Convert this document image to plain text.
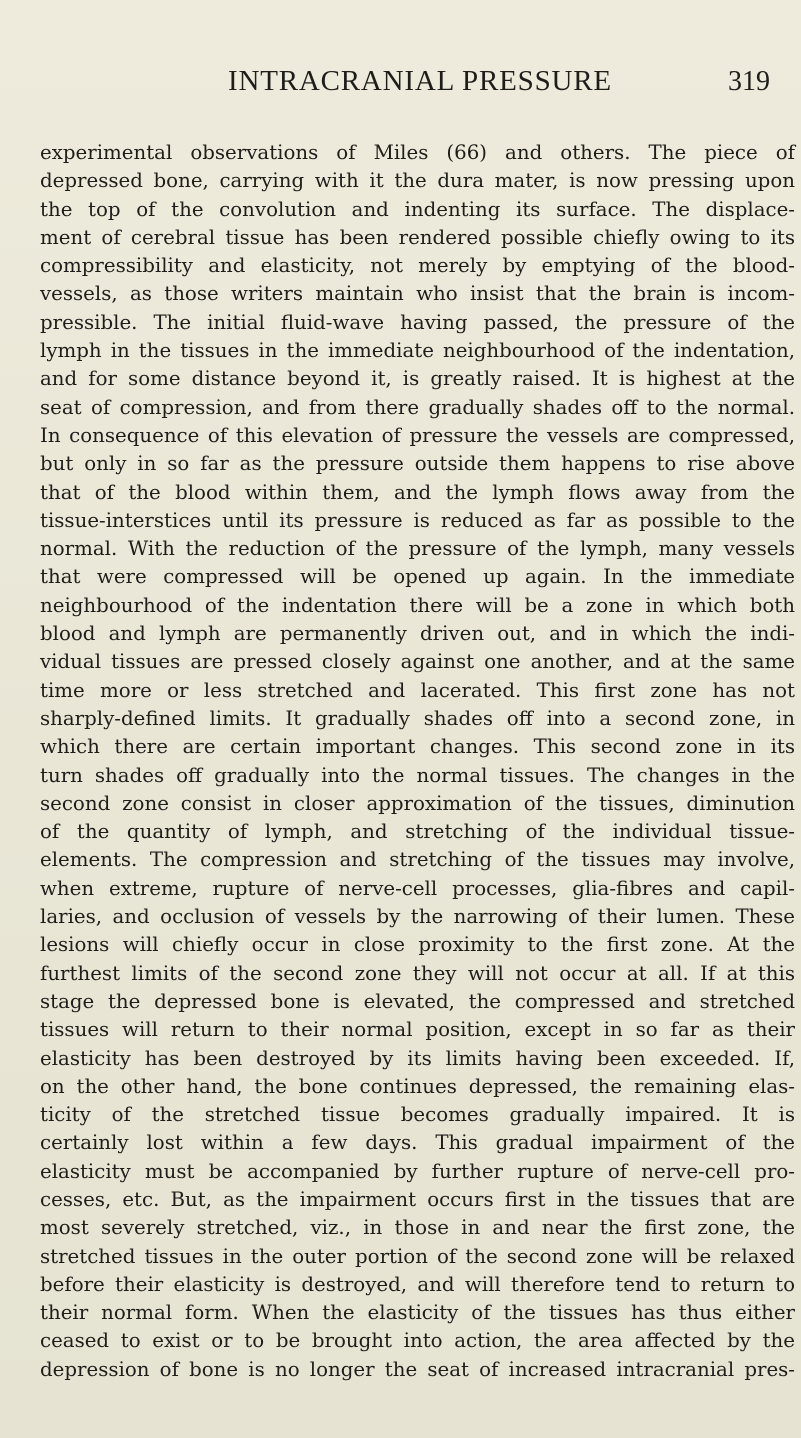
INTRACRANIAL PRESSURE	319
experimental observations of Miles (66) and others. The piece of
depressed bone, carrying with it the dura mater, is now pressing upon
the top of the convolution and indenting its surface. The displace-
ment of cerebral tissue has been rendered possible chiefly owing to its
compressibility and elasticity, not merely by emptying of the blood-
vessels, as those writers maintain who insist that the brain is incom-
pressible. The initial fluid-wave having passed, the pressure of the
lymph in the tissues in the immediate neighbourhood of the indentation,
and for some distance beyond it, is greatly raised. It is highest at the
seat of compression, and from there gradually shades off to the normal.
In consequence of this elevation of pressure the vessels are compressed,
but only in so far as the pressure outside them happens to rise above
that of the blood within them, and the lymph flows away from the
tissue-interstices until its pressure is reduced as far as possible to the
normal. With the reduction of the pressure of the lymph, many vessels
that were compressed will be opened up again. In the immediate
neighbourhood of the indentation there will be a zone in which both
blood and lymph are permanently driven out, and in which the indi-
vidual tissues are pressed closely against one another, and at the same
time more or less stretched and lacerated. This first zone has not
sharply-defined limits. It gradually shades off into a second zone, in
which there are certain important changes. This second zone in its
turn shades off gradually into the normal tissues. The changes in the
second zone consist in closer approximation of the tissues, diminution
of the quantity of lymph, and stretching of the individual tissue-
elements. The compression and stretching of the tissues may involve,
when extreme, rupture of nerve-cell processes, glia-fibres and capil-
laries, and occlusion of vessels by the narrowing of their lumen. These
lesions will chiefly occur in close proximity to the first zone. At the
furthest limits of the second zone they will not occur at all. If at this
stage the depressed bone is elevated, the compressed and stretched
tissues will return to their normal position, except in so far as their
elasticity has been destroyed by its limits having been exceeded. If,
on the other hand, the bone continues depressed, the remaining elas-
ticity of the stretched tissue becomes gradually impaired. It is
certainly lost within a few days. This gradual impairment of the
elasticity must be accompanied by further rupture of nerve-cell pro-
cesses, etc. But, as the impairment occurs first in the tissues that are
most severely stretched, viz., in those in and near the first zone, the
stretched tissues in the outer portion of the second zone will be relaxed
before their elasticity is destroyed, and will therefore tend to return to
their normal form. When the elasticity of the tissues has thus either
ceased to exist or to be brought into action, the area affected by the
depression of bone is no longer the seat of increased intracranial pres-
